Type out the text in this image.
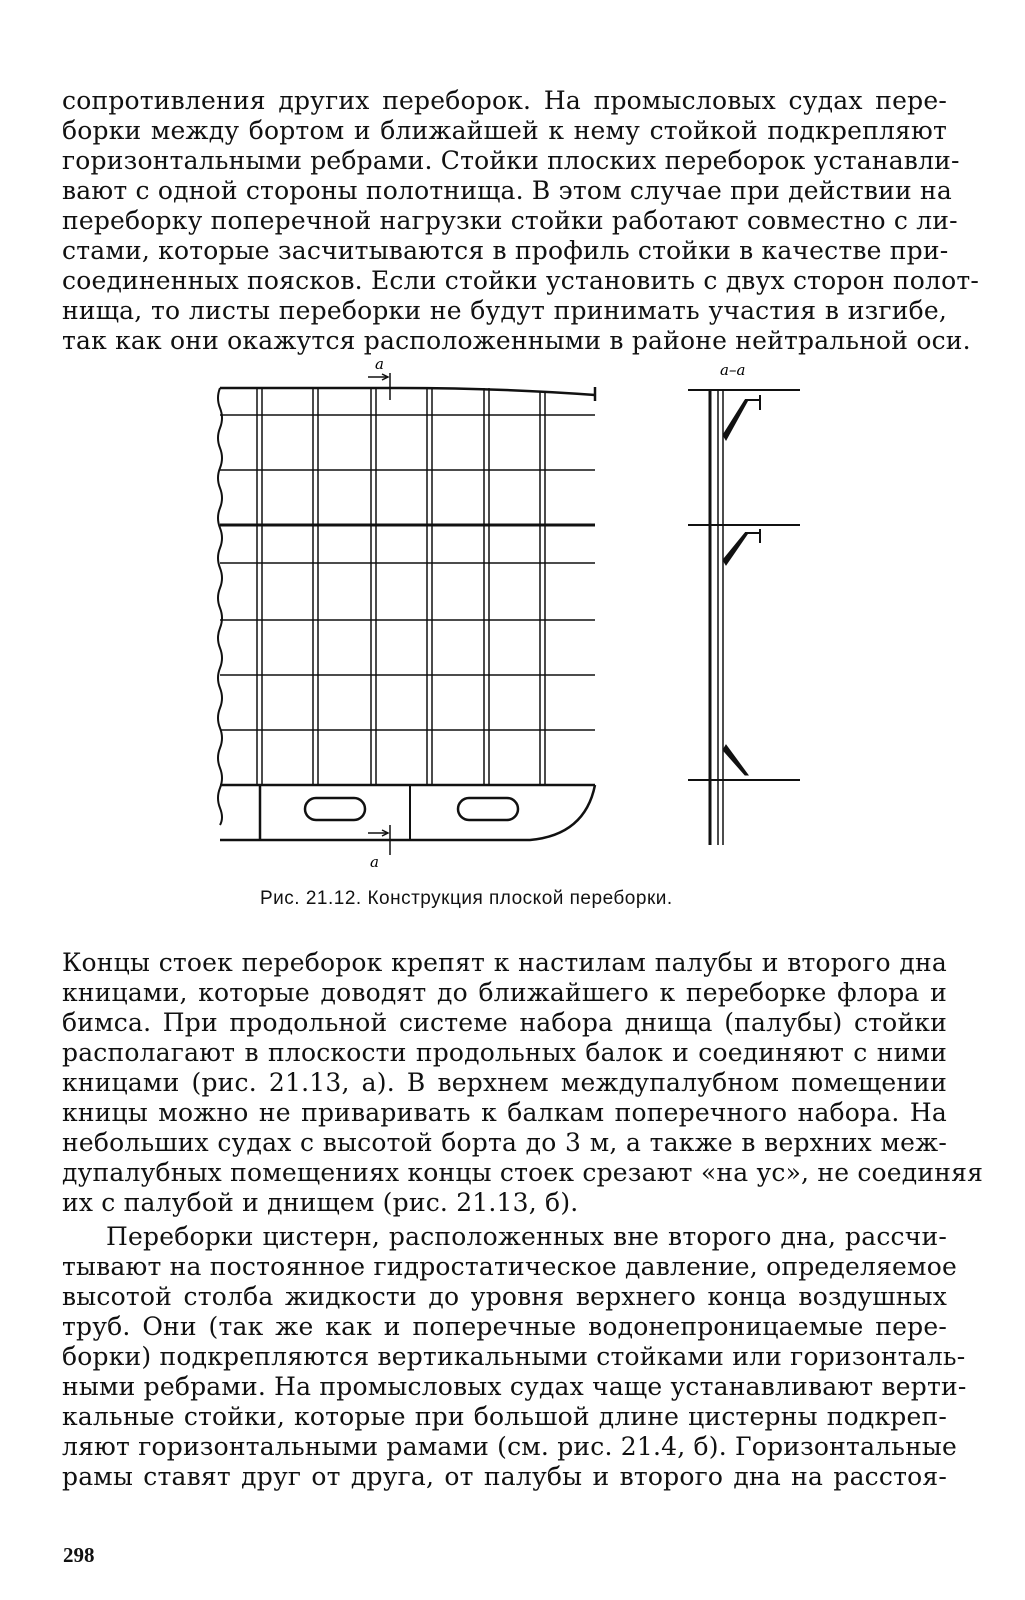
сопротивления других переборок. На промысловых судах пере-
борки между бортом и ближайшей к нему стойкой подкрепляют
горизонтальными ребрами. Стойки плоских переборок устанавли-
вают с одной стороны полотнища. В этом случае при действии на
переборку поперечной нагрузки стойки работают совместно с ли-
стами, которые засчитываются в профиль стойки в качестве при-
соединенных поясков. Если стойки установить с двух сторон полот-
нища, то листы переборки не будут принимать участия в изгибе,
так как они окажутся расположенными в районе нейтральной оси.
a
a
a–a
Рис. 21.12. Конструкция плоской переборки.
Концы стоек переборок крепят к настилам палубы и второго дна
кницами, которые доводят до ближайшего к переборке флора и
бимса. При продольной системе набора днища (палубы) стойки
располагают в плоскости продольных балок и соединяют с ними
кницами (рис. 21.13, а). В верхнем междупалубном помещении
кницы можно не приваривать к балкам поперечного набора. На
небольших судах с высотой борта до 3 м, а также в верхних меж-
дупалубных помещениях концы стоек срезают «на ус», не соединяя
их с палубой и днищем (рис. 21.13, б).
Переборки цистерн, расположенных вне второго дна, рассчи-
тывают на постоянное гидростатическое давление, определяемое
высотой столба жидкости до уровня верхнего конца воздушных
труб. Они (так же как и поперечные водонепроницаемые пере-
борки) подкрепляются вертикальными стойками или горизонталь-
ными ребрами. На промысловых судах чаще устанавливают верти-
кальные стойки, которые при большой длине цистерны подкреп-
ляют горизонтальными рамами (см. рис. 21.4, б). Горизонтальные
рамы ставят друг от друга, от палубы и второго дна на расстоя-
298
